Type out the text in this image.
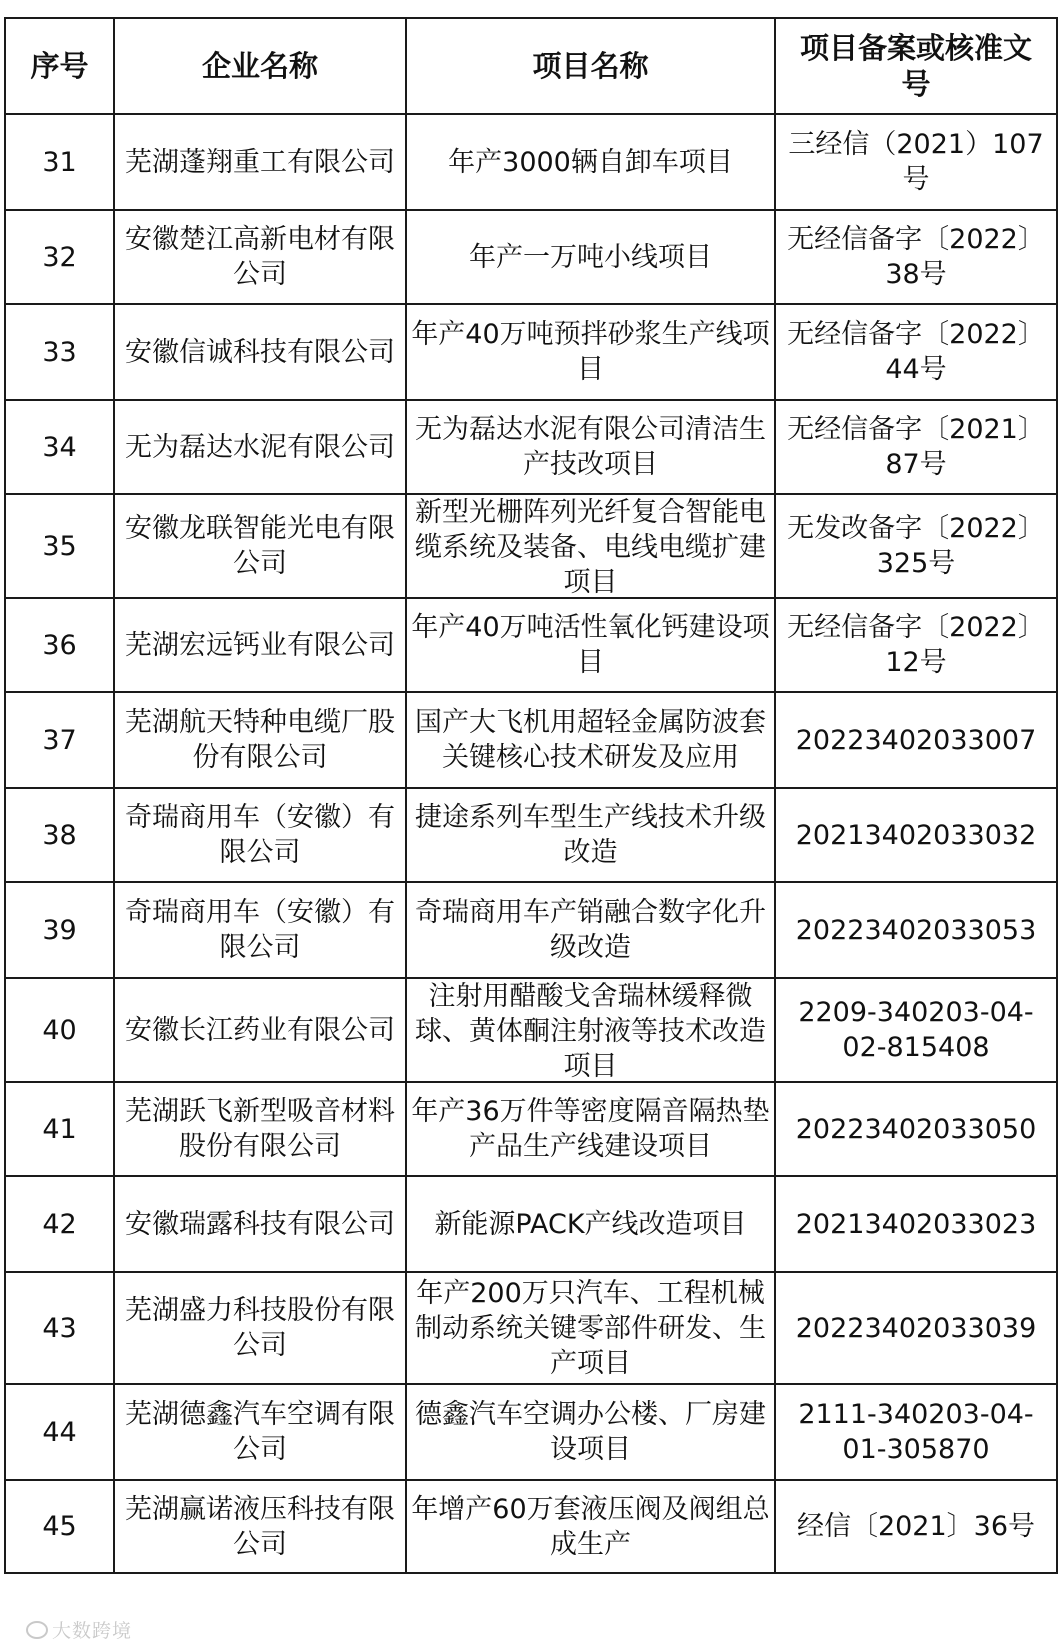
序号	企业名称	项目名称	项目备案或核准文号

31	芜湖蓬翔重工有限公司	年产3000辆自卸车项目	三经信（2021）107号

32	安徽楚江高新电材有限公司	年产一万吨小线项目	无经信备字〔2022〕38号

33	安徽信诚科技有限公司	年产40万吨预拌砂浆生产线项目	无经信备字〔2022〕44号

34	无为磊达水泥有限公司	无为磊达水泥有限公司清洁生产技改项目	无经信备字〔2021〕87号

35	安徽龙联智能光电有限公司	新型光栅阵列光纤复合智能电缆系统及装备、电线电缆扩建项目	无发改备字〔2022〕325号

36	芜湖宏远钙业有限公司	年产40万吨活性氧化钙建设项目	无经信备字〔2022〕12号

37	芜湖航天特种电缆厂股份有限公司	国产大飞机用超轻金属防波套关键核心技术研发及应用	20223402033007

38	奇瑞商用车（安徽）有限公司	捷途系列车型生产线技术升级改造	20213402033032

39	奇瑞商用车（安徽）有限公司	奇瑞商用车产销融合数字化升级改造	20223402033053

40	安徽长江药业有限公司	注射用醋酸戈舍瑞林缓释微球、黄体酮注射液等技术改造项目	2209-340203-04-02-815408

41	芜湖跃飞新型吸音材料股份有限公司	年产36万件等密度隔音隔热垫产品生产线建设项目	20223402033050

42	安徽瑞露科技有限公司	新能源PACK产线改造项目	20213402033023

43	芜湖盛力科技股份有限公司	年产200万只汽车、工程机械制动系统关键零部件研发、生产项目	20223402033039

44	芜湖德鑫汽车空调有限公司	德鑫汽车空调办公楼、厂房建设项目	2111-340203-04-01-305870

45	芜湖赢诺液压科技有限公司	年增产60万套液压阀及阀组总成生产	经信〔2021〕36号
大数跨境
